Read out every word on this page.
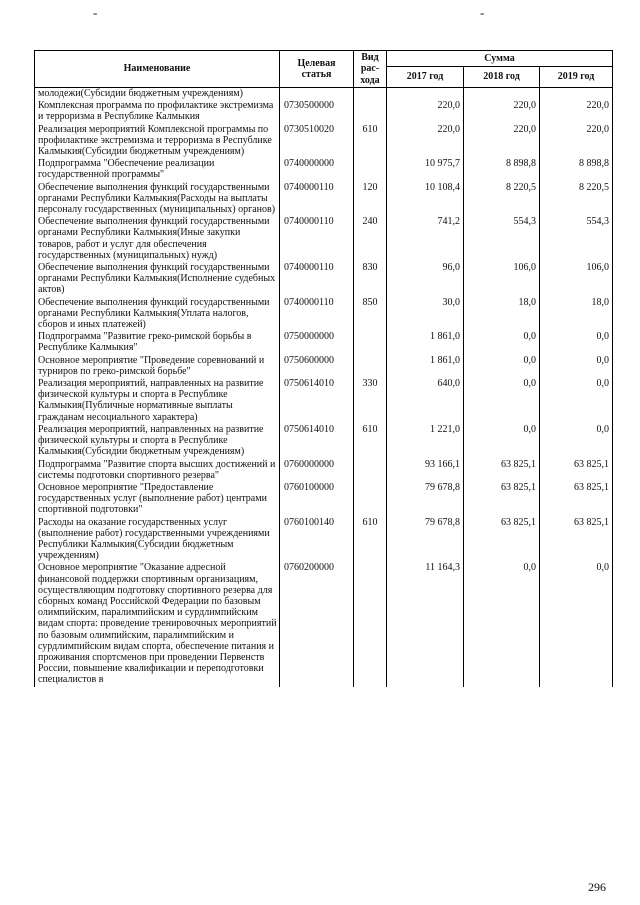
-	-
Наименование	Целевая статья	Вид рас-хода	Сумма		
			2017 год	2018 год	2019 год
молодежи(Субсидии бюджетным учреждениям)					
Комплексная программа по профилактике экстремизма и терроризма в Республике Калмыкия	0730500000		220,0	220,0	220,0
Реализация мероприятий Комплексной программы по профилактике экстремизма и терроризма в Республике Калмыкия(Субсидии бюджетным учреждениям)	0730510020	610	220,0	220,0	220,0
Подпрограмма "Обеспечение реализации государственной программы"	0740000000		10 975,7	8 898,8	8 898,8
Обеспечение выполнения функций государственными органами Республики Калмыкия(Расходы на выплаты персоналу государственных (муниципальных) органов)	0740000110	120	10 108,4	8 220,5	8 220,5
Обеспечение выполнения функций государственными органами Республики Калмыкия(Иные закупки товаров, работ и услуг для обеспечения государственных (муниципальных) нужд)	0740000110	240	741,2	554,3	554,3
Обеспечение выполнения функций государственными органами Республики Калмыкия(Исполнение судебных актов)	0740000110	830	96,0	106,0	106,0
Обеспечение выполнения функций государственными органами Республики Калмыкия(Уплата налогов, сборов и иных платежей)	0740000110	850	30,0	18,0	18,0
Подпрограмма "Развитие греко-римской борьбы в Республике Калмыкия"	0750000000		1 861,0	0,0	0,0
Основное мероприятие "Проведение соревнований и турниров по греко-римской борьбе"	0750600000		1 861,0	0,0	0,0
Реализация мероприятий, направленных на развитие физической культуры и спорта в Республике Калмыкия(Публичные нормативные выплаты гражданам несоциального характера)	0750614010	330	640,0	0,0	0,0
Реализация мероприятий, направленных на развитие физической культуры и спорта в Республике Калмыкия(Субсидии бюджетным учреждениям)	0750614010	610	1 221,0	0,0	0,0
Подпрограмма "Развитие спорта высших достижений и системы подготовки спортивного резерва"	0760000000		93 166,1	63 825,1	63 825,1
Основное мероприятие "Предоставление государственных услуг (выполнение работ) центрами спортивной подготовки"	0760100000		79 678,8	63 825,1	63 825,1
Расходы на оказание государственных услуг (выполнение работ) государственными учреждениями Республики Калмыкия(Субсидии бюджетным учреждениям)	0760100140	610	79 678,8	63 825,1	63 825,1
Основное мероприятие "Оказание адресной финансовой поддержки спортивным организациям, осуществляющим подготовку спортивного резерва для сборных команд Российской Федерации по базовым олимпийским, паралимпийским и сурдлимпийским видам спорта: проведение тренировочных мероприятий по базовым олимпийским, паралимпийским и сурдлимпийским видам спорта, обеспечение питания и проживания спортсменов при проведении Первенств России, повышение квалификации и переподготовки специалистов в	0760200000		11 164,3	0,0	0,0
296
